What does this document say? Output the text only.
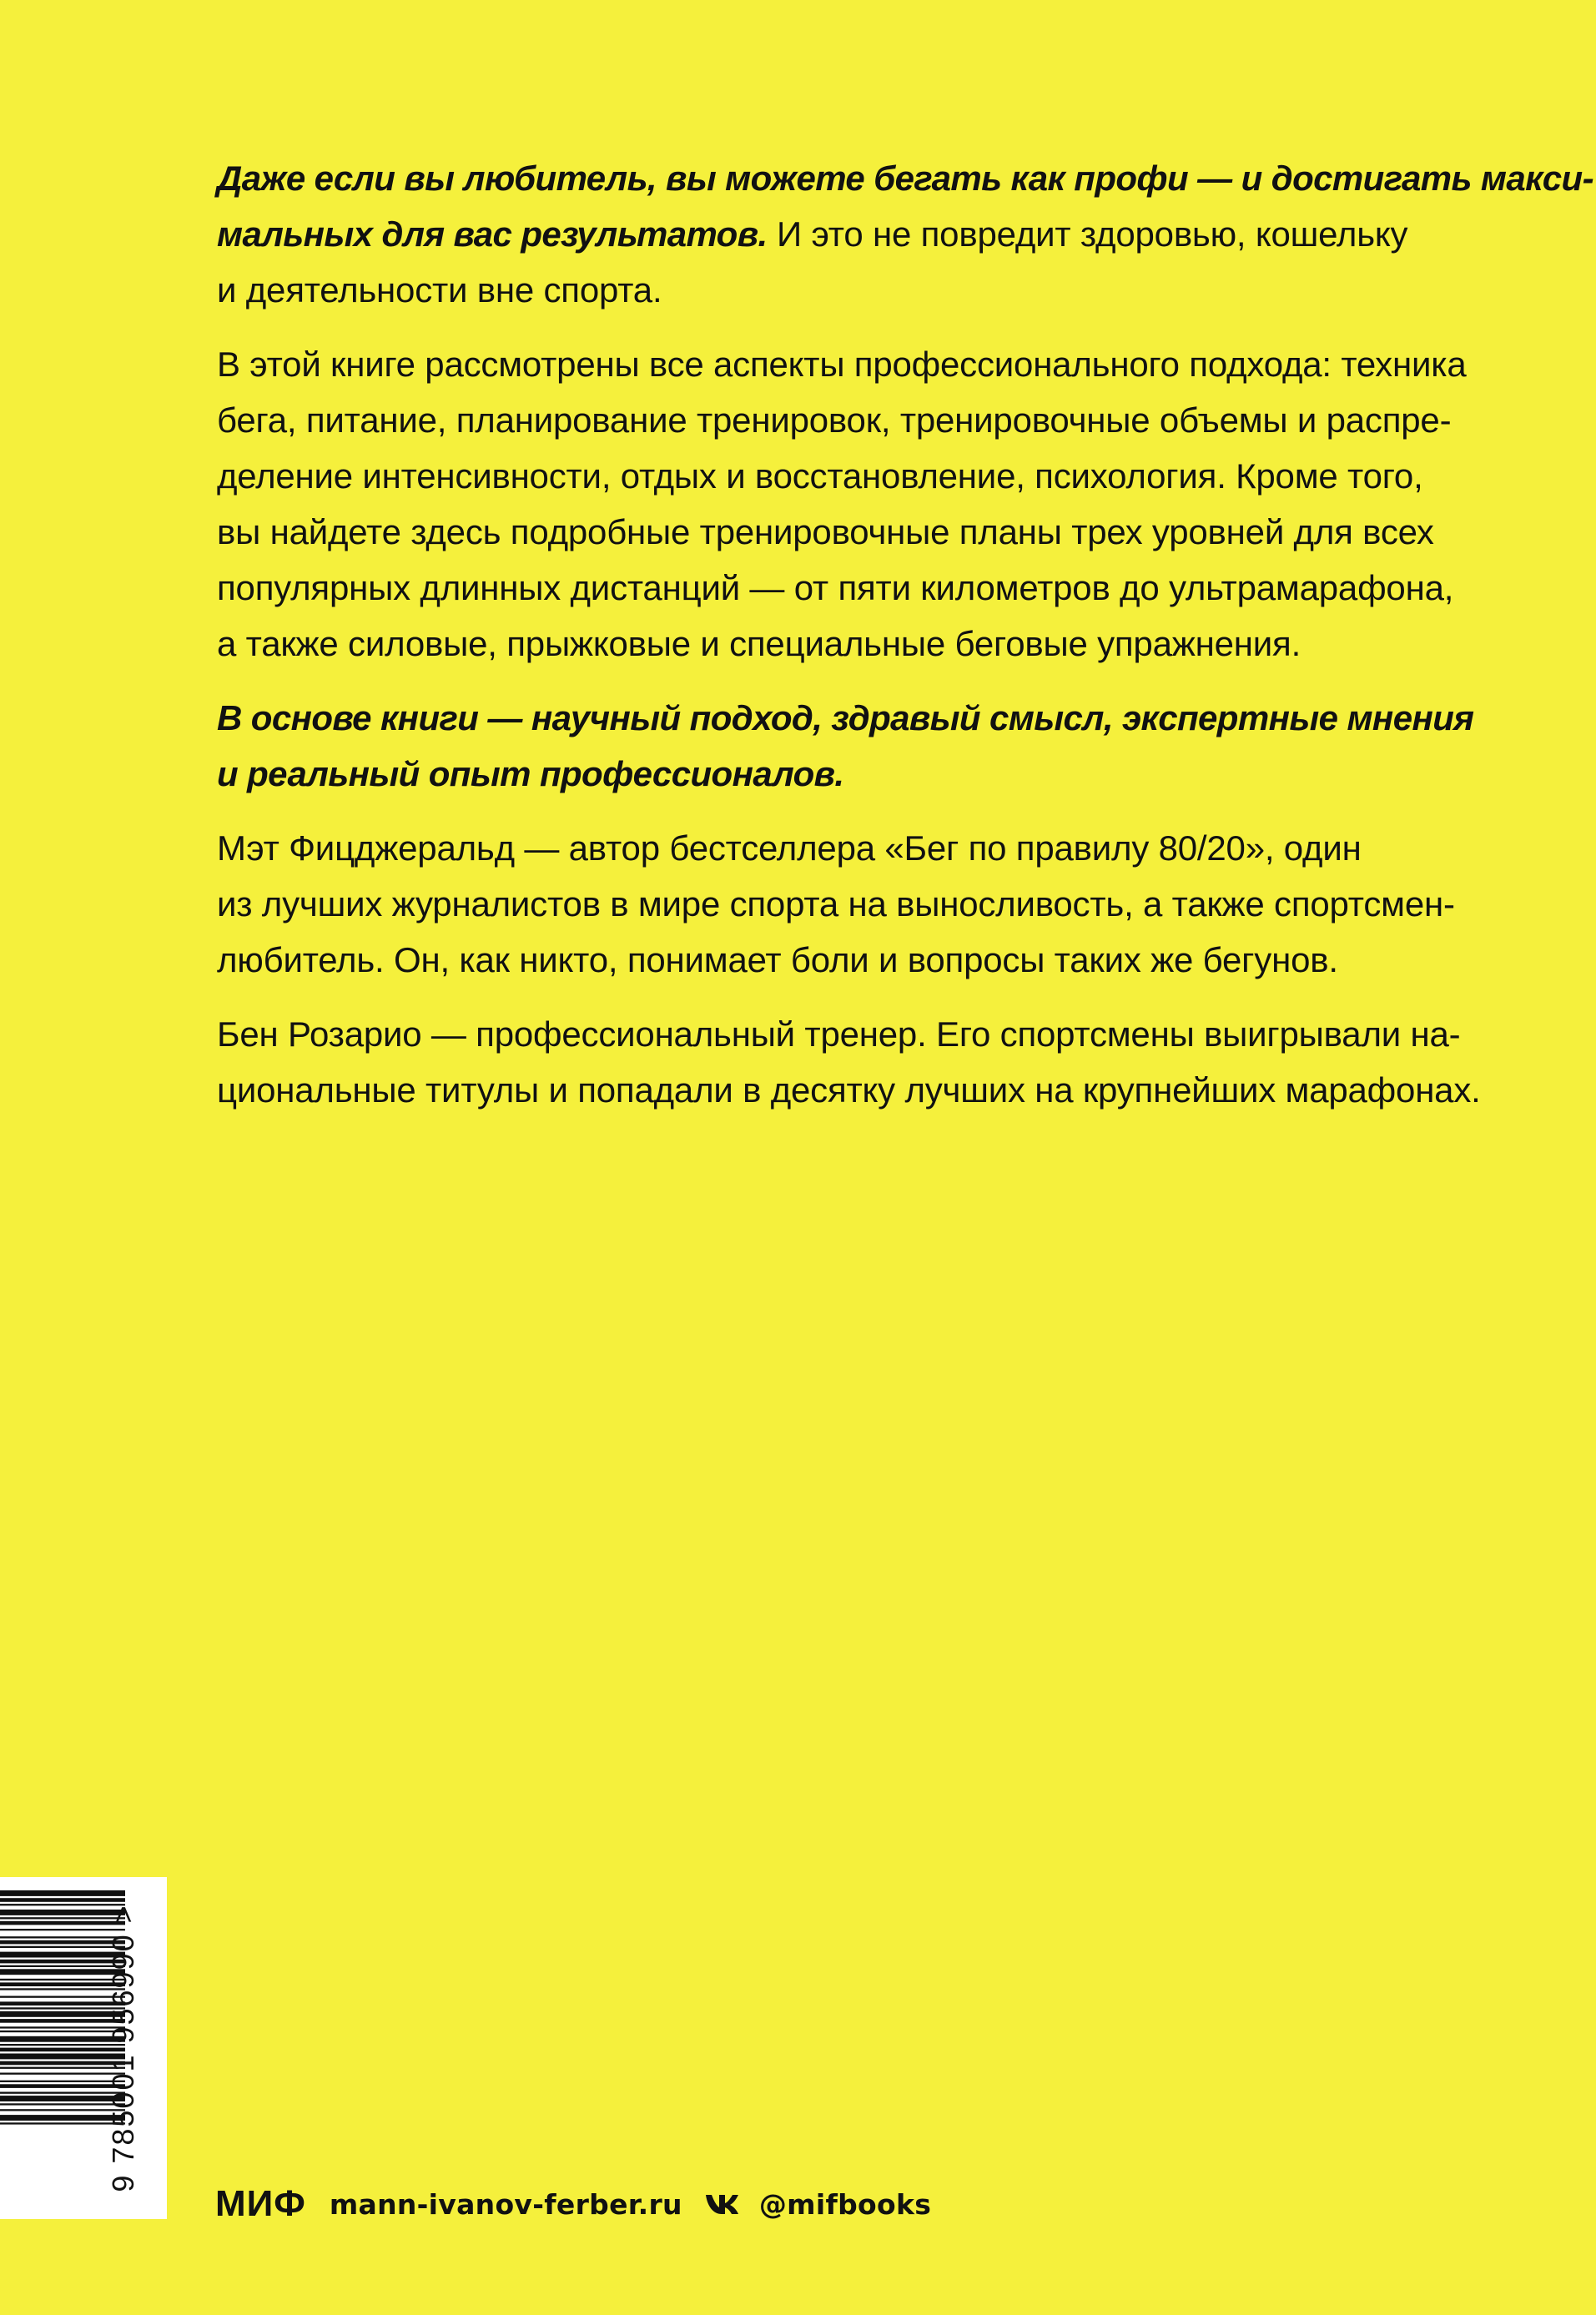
Даже если вы любитель, вы можете бегать как профи — и достигать макси-
мальных для вас результатов. И это не повредит здоровью, кошельку
и деятельности вне спорта.

В этой книге рассмотрены все аспекты профессионального подхода: техника
бега, питание, планирование тренировок, тренировочные объемы и распре-
деление интенсивности, отдых и восстановление, психология. Кроме того,
вы найдете здесь подробные тренировочные планы трех уровней для всех
популярных длинных дистанций — от пяти километров до ультрамарафона,
а также силовые, прыжковые и специальные беговые упражнения.

В основе книги — научный подход, здравый смысл, экспертные мнения
и реальный опыт профессионалов.

Мэт Фицджеральд — автор бестселлера «Бег по правилу 80/20», один
из лучших журналистов в мире спорта на выносливость, а также спортсмен-
любитель. Он, как никто, понимает боли и вопросы таких же бегунов.

Бен Розарио — профессиональный тренер. Его спортсмены выигрывали на-
циональные титулы и попадали в десятку лучших на крупнейших марафонах.

9 785001 956990 >
МИФ mann-ivanov-ferber.ru	@mifbooks
